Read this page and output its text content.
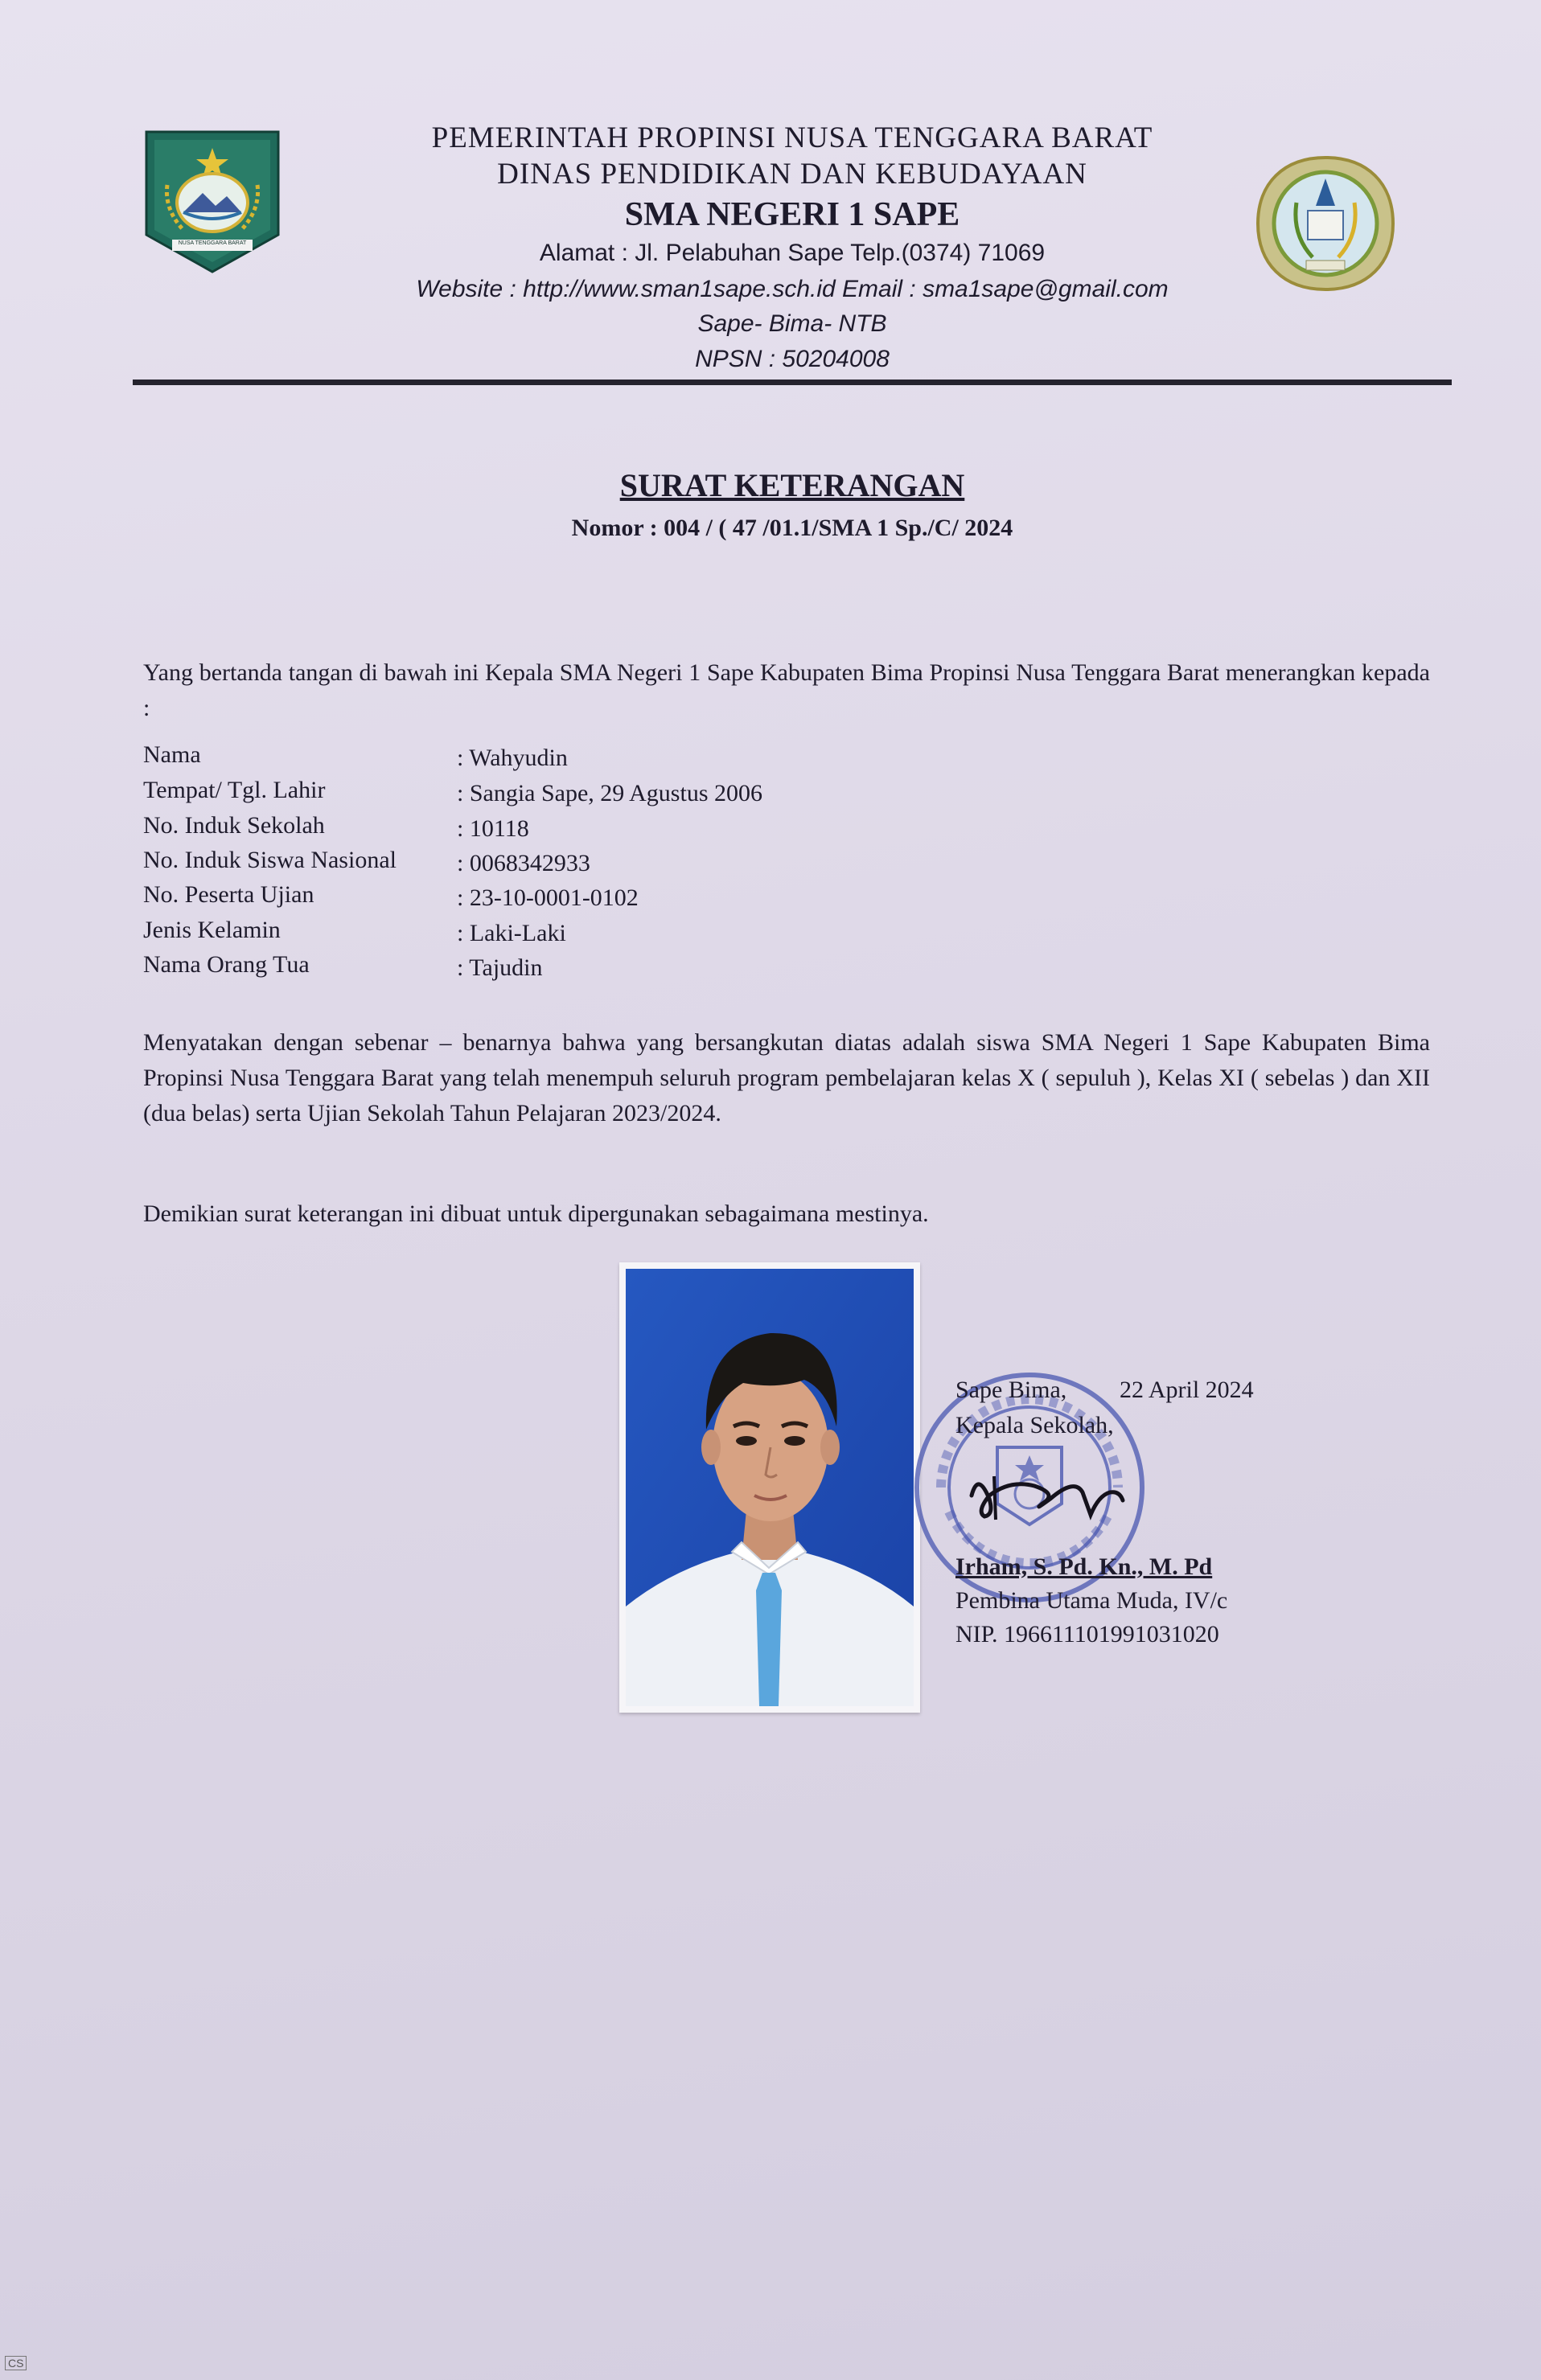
NUSA TENGGARA BARAT
PEMERINTAH PROPINSI NUSA TENGGARA BARAT
DINAS PENDIDIKAN DAN KEBUDAYAAN
SMA NEGERI 1 SAPE
Alamat : Jl. Pelabuhan Sape Telp.(0374) 71069
Website : http://www.sman1sape.sch.id Email : sma1sape@gmail.com
Sape- Bima- NTB
NPSN : 50204008
SURAT KETERANGAN
Nomor : 004 / ( 47 /01.1/SMA 1 Sp./C/ 2024
Yang bertanda tangan di bawah ini Kepala SMA Negeri 1 Sape Kabupaten Bima Propinsi Nusa Tenggara Barat menerangkan kepada :
Nama	: Wahyudin
Tempat/ Tgl. Lahir	: Sangia Sape, 29 Agustus 2006
No. Induk Sekolah	: 10118
No. Induk Siswa Nasional	: 0068342933
No. Peserta Ujian	: 23-10-0001-0102
Jenis Kelamin	: Laki-Laki
Nama Orang Tua	: Tajudin
Menyatakan dengan sebenar – benarnya bahwa yang bersangkutan diatas adalah siswa SMA Negeri 1 Sape Kabupaten Bima Propinsi Nusa Tenggara Barat yang telah menempuh seluruh program pembelajaran kelas X ( sepuluh ), Kelas XI ( sebelas ) dan XII (dua belas) serta Ujian Sekolah Tahun Pelajaran 2023/2024.
Demikian surat keterangan ini dibuat untuk dipergunakan sebagaimana mestinya.
Sape Bima, 22 April 2024
Kepala Sekolah,
Irham, S. Pd. Kn., M. Pd
Pembina Utama Muda, IV/c
NIP. 196611101991031020
CS
